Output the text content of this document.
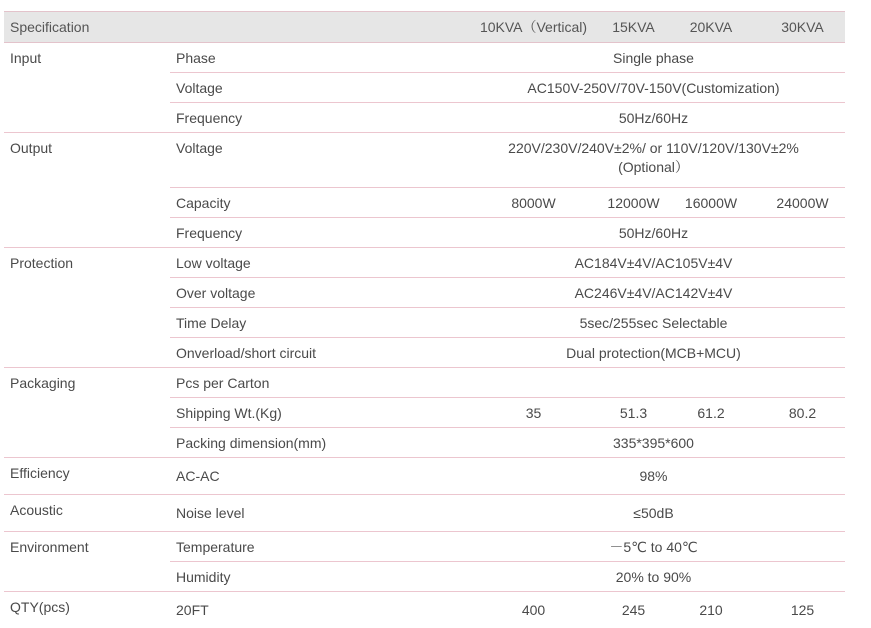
Specification		10KVA（Vertical)	15KVA	20KVA	30KVA
Input	Phase	Single phase			
	Voltage	AC150V-250V/70V-150V(Customization)			
	Frequency	50Hz/60Hz			
Output	Voltage	220V/230V/240V±2%/ or 110V/120V/130V±2%
(Optional）			

	Capacity	8000W	12000W	16000W	24000W
	Frequency	50Hz/60Hz			
Protection	Low voltage	AC184V±4V/AC105V±4V			
	Over voltage	AC246V±4V/AC142V±4V			
	Time Delay	5sec/255sec Selectable			
	Onverload/short circuit	Dual protection(MCB+MCU)			
Packaging	Pcs per Carton				
	Shipping Wt.(Kg)	35	51.3	61.2	80.2
	Packing dimension(mm)	335*395*600			
Efficiency	AC-AC	98%			
Acoustic	Noise level	≤50dB			
Environment	Temperature	－5℃ to 40℃			
	Humidity	20% to 90%			
QTY(pcs)	20FT	400	245	210	125
